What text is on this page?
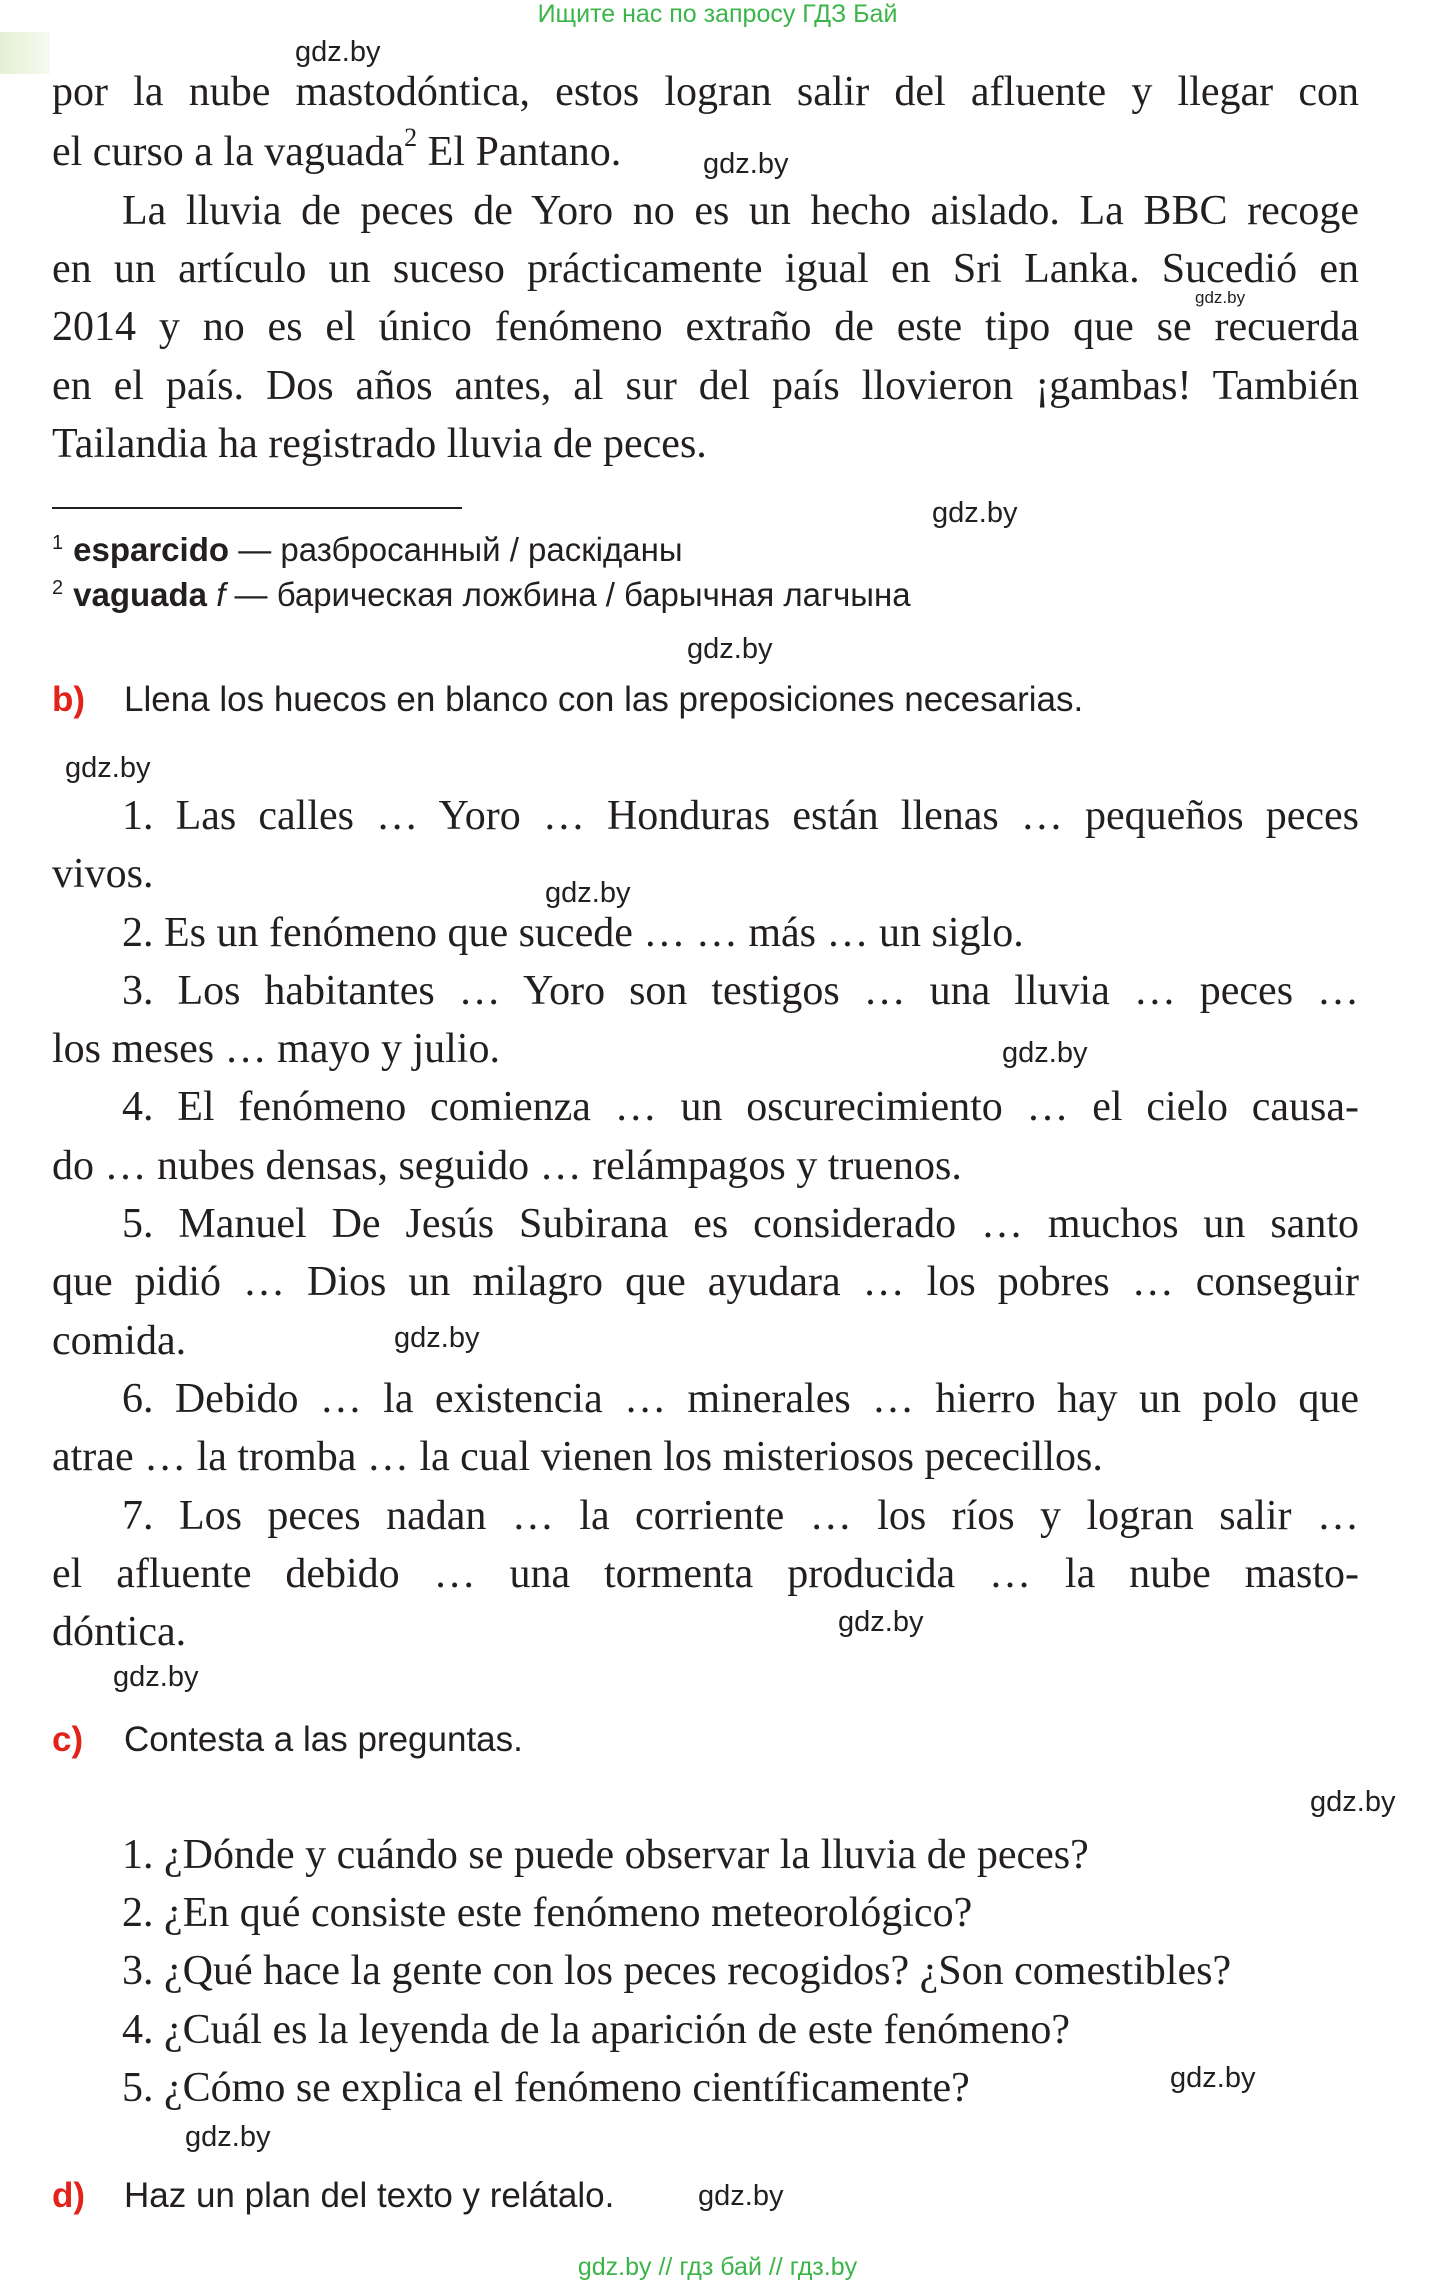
Ищите нас по запросу ГДЗ Бай
gdz.by
gdz.by
gdz.by
gdz.by
gdz.by
gdz.by
gdz.by
gdz.by
gdz.by
gdz.by
gdz.by
gdz.by
gdz.by
gdz.by
gdz.by
por la nube mastodóntica, estos logran salir del afluente y llegar con
el curso a la vaguada$^2$ El Pantano.
La lluvia de peces de Yoro no es un hecho aislado. La BBC recoge
en un artículo un suceso prácticamente igual en Sri Lanka. Sucedió en
2014 y no es el único fenómeno extraño de este tipo que se recuerda
en el país. Dos años antes, al sur del país llovieron ¡gambas! También
Tailandia ha registrado lluvia de peces.
$^1$ esparcido — разбросанный / раскіданы
$^2$ vaguada f — барическая ложбина / барычная лагчына
b) Llena los huecos en blanco con las preposiciones necesarias.
1. Las calles … Yoro … Honduras están llenas … pequeños peces
vivos.
2. Es un fenómeno que sucede … … más … un siglo.
3. Los habitantes … Yoro son testigos … una lluvia … peces …
los meses … mayo y julio.
4. El fenómeno comienza … un oscurecimiento … el cielo causa-
do … nubes densas, seguido … relámpagos y truenos.
5. Manuel De Jesús Subirana es considerado … muchos un santo
que pidió … Dios un milagro que ayudara … los pobres … conseguir
comida.
6. Debido … la existencia … minerales … hierro hay un polo que
atrae … la tromba … la cual vienen los misteriosos pececillos.
7. Los peces nadan … la corriente … los ríos y logran salir …
el afluente debido … una tormenta producida … la nube masto-
dóntica.
c) Contesta a las preguntas.
1. ¿Dónde y cuándo se puede observar la lluvia de peces?
2. ¿En qué consiste este fenómeno meteorológico?
3. ¿Qué hace la gente con los peces recogidos? ¿Son comestibles?
4. ¿Cuál es la leyenda de la aparición de este fenómeno?
5. ¿Cómo se explica el fenómeno científicamente?
d) Haz un plan del texto y relátalo.
gdz.by // гдз бай // гдз.by
